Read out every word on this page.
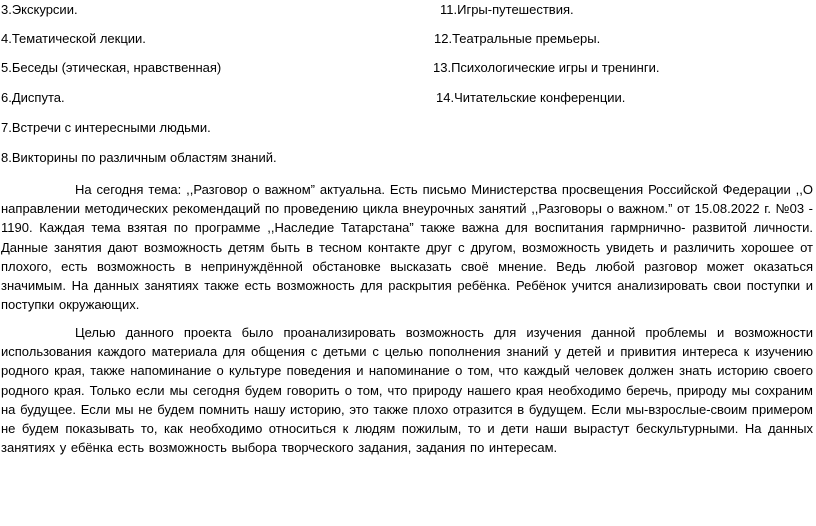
3.Экскурсии.	11.Игры-путешествия.
4.Тематической лекции.	12.Театральные премьеры.
5.Беседы (этическая, нравственная)	13.Психологические игры и тренинги.
6.Диспута.	14.Читательские конференции.
7.Встречи с интересными людьми.
8.Викторины по различным областям знаний.

На сегодня тема: ,,Разговор о важном” актуальна. Есть письмо Министерства просвещения Российской Федерации ,,О направлении методических рекомендаций по проведению цикла внеурочных занятий ,,Разговоры о важном.” от 15.08.2022 г. №03 - 1190. Каждая тема взятая по программе ,,Наследие Татарстана” также важна для воспитания гармрнично- развитой личности. Данные занятия дают возможность детям быть в тесном контакте друг с другом, возможность увидеть и различить хорошее от плохого, есть возможность в непринуждённой обстановке высказать своё мнение. Ведь любой разговор может оказаться значимым. На данных занятиях также есть возможность для раскрытия ребёнка. Ребёнок учится анализировать свои поступки и поступки окружающих.

Целью данного проекта было проанализировать возможность для изучения данной проблемы и возможности использования каждого материала для общения с детьми с целью пополнения знаний у детей и привития интереса к изучению родного края, также напоминание о культуре поведения и напоминание о том, что каждый человек должен знать историю своего родного края. Только если мы сегодня будем говорить о том, что природу нашего края необходимо беречь, природу мы сохраним на будущее. Если мы не будем помнить нашу историю, это также плохо отразится в будущем. Если мы-взрослые-своим примером не будем показывать то, как необходимо относиться к людям пожилым, то и дети наши вырастут бескультурными. На данных занятиях у ебёнка есть возможность выбора творческого задания, задания по интересам.
